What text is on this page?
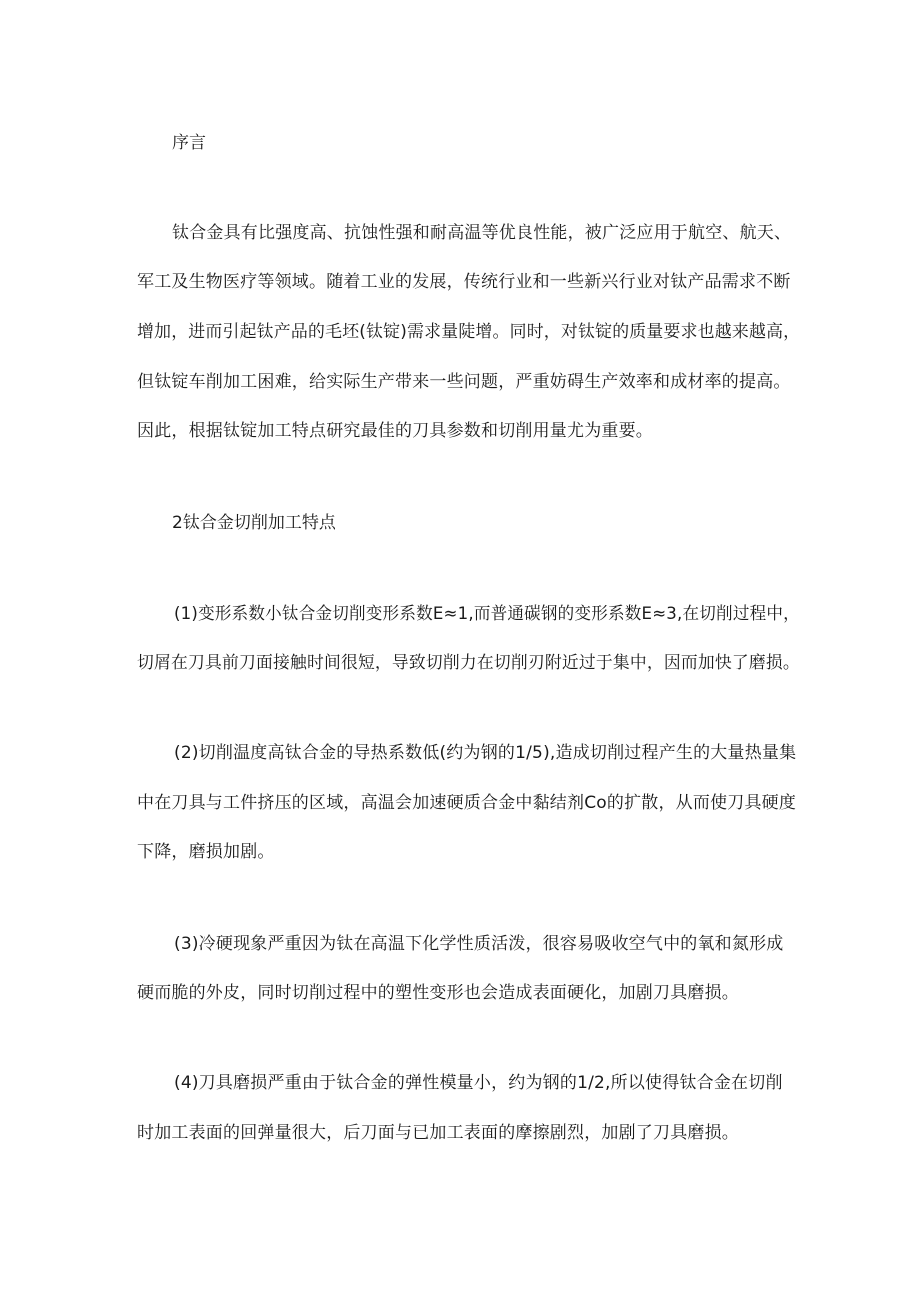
序言
钛合金具有比强度高、抗蚀性强和耐高温等优良性能，被广泛应用于航空、航天、
军工及生物医疗等领域。随着工业的发展，传统行业和一些新兴行业对钛产品需求不断
增加，进而引起钛产品的毛坯(钛锭)需求量陡增。同时，对钛锭的质量要求也越来越高，
但钛锭车削加工困难，给实际生产带来一些问题，严重妨碍生产效率和成材率的提高。
因此，根据钛锭加工特点研究最佳的刀具参数和切削用量尤为重要。
2钛合金切削加工特点
(1)变形系数小钛合金切削变形系数E≈1,而普通碳钢的变形系数E≈3,在切削过程中，
切屑在刀具前刀面接触时间很短，导致切削力在切削刃附近过于集中，因而加快了磨损。
(2)切削温度高钛合金的导热系数低(约为钢的1/5),造成切削过程产生的大量热量集
中在刀具与工件挤压的区域，高温会加速硬质合金中黏结剂Co的扩散，从而使刀具硬度
下降，磨损加剧。
(3)冷硬现象严重因为钛在高温下化学性质活泼，很容易吸收空气中的氧和氮形成
硬而脆的外皮，同时切削过程中的塑性变形也会造成表面硬化，加剧刀具磨损。
(4)刀具磨损严重由于钛合金的弹性模量小，约为钢的1/2,所以使得钛合金在切削
时加工表面的回弹量很大，后刀面与已加工表面的摩擦剧烈，加剧了刀具磨损。
